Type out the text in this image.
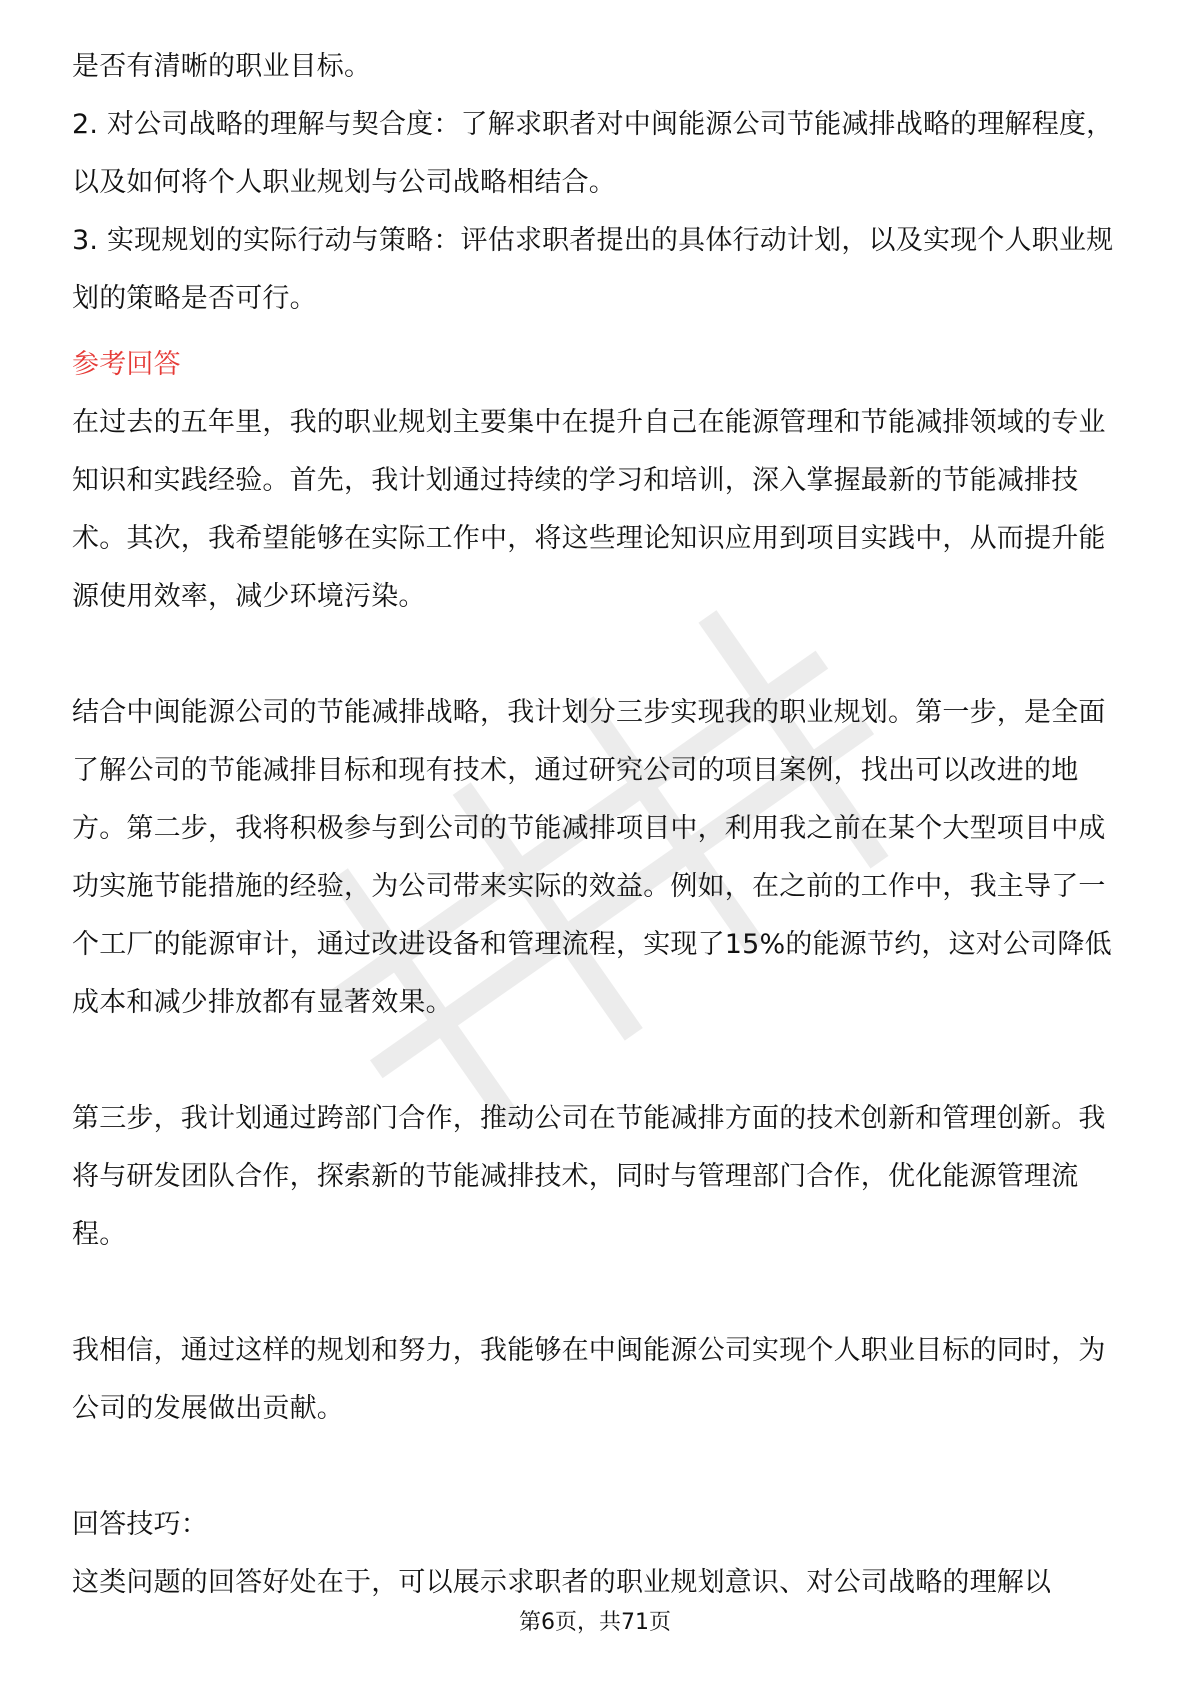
是否有清晰的职业目标。

2. 对公司战略的理解与契合度：了解求职者对中闽能源公司节能减排战略的理解程度，以及如何将个人职业规划与公司战略相结合。

3. 实现规划的实际行动与策略：评估求职者提出的具体行动计划，以及实现个人职业规划的策略是否可行。

参考回答

在过去的五年里，我的职业规划主要集中在提升自己在能源管理和节能减排领域的专业知识和实践经验。首先，我计划通过持续的学习和培训，深入掌握最新的节能减排技术。其次，我希望能够在实际工作中，将这些理论知识应用到项目实践中，从而提升能源使用效率，减少环境污染。

结合中闽能源公司的节能减排战略，我计划分三步实现我的职业规划。第一步，是全面了解公司的节能减排目标和现有技术，通过研究公司的项目案例，找出可以改进的地方。第二步，我将积极参与到公司的节能减排项目中，利用我之前在某个大型项目中成功实施节能措施的经验，为公司带来实际的效益。例如，在之前的工作中，我主导了一个工厂的能源审计，通过改进设备和管理流程，实现了15%的能源节约，这对公司降低成本和减少排放都有显著效果。

第三步，我计划通过跨部门合作，推动公司在节能减排方面的技术创新和管理创新。我将与研发团队合作，探索新的节能减排技术，同时与管理部门合作，优化能源管理流程。

我相信，通过这样的规划和努力，我能够在中闽能源公司实现个人职业目标的同时，为公司的发展做出贡献。

回答技巧：

这类问题的回答好处在于，可以展示求职者的职业规划意识、对公司战略的理解以

第6页，共71页
